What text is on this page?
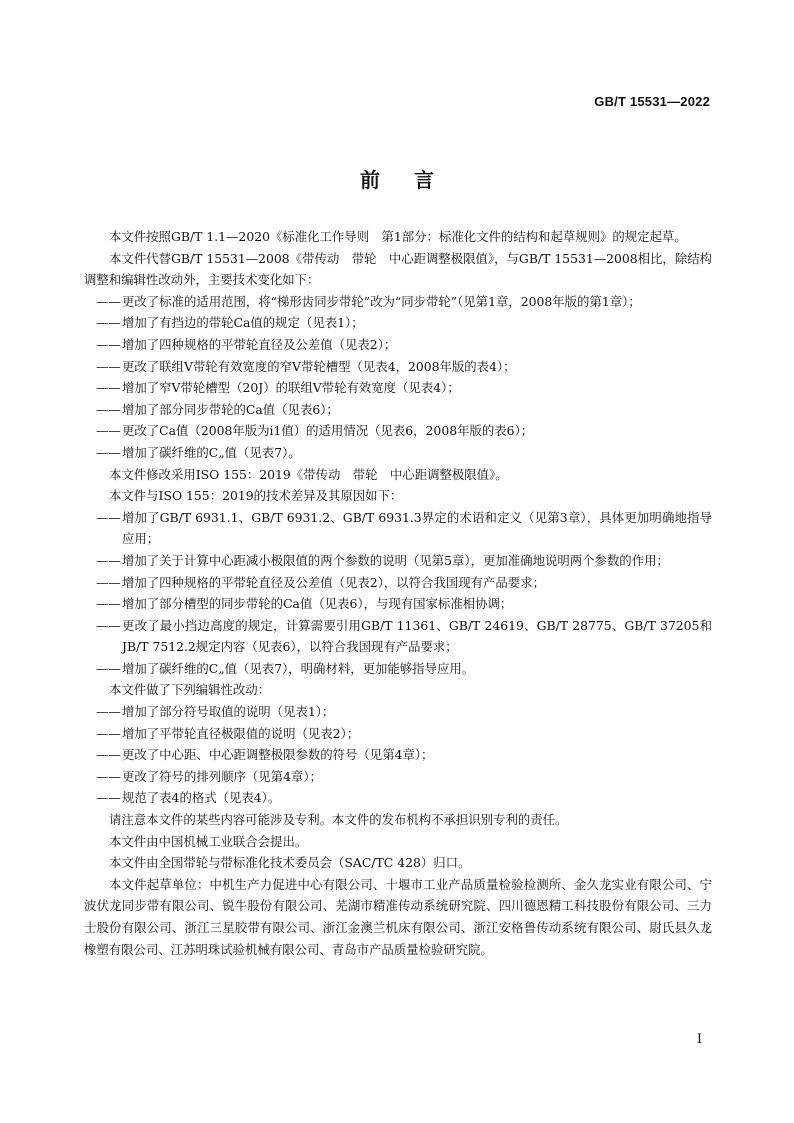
GB/T 15531—2022
前言
本文件按照GB/T 1.1—2020《标准化工作导则　第1部分：标准化文件的结构和起草规则》的规定起草。
本文件代替GB/T 15531—2008《带传动　带轮　中心距调整极限值》，与GB/T 15531—2008相比，除结构调整和编辑性改动外，主要技术变化如下：
—— 更改了标准的适用范围，将“梯形齿同步带轮”改为“同步带轮”（见第1章，2008年版的第1章）；
—— 增加了有挡边的带轮Ca值的规定（见表1）；
—— 增加了四种规格的平带轮直径及公差值（见表2）；
—— 更改了联组V带轮有效宽度的窄V带轮槽型（见表4，2008年版的表4）；
—— 增加了窄V带轮槽型（20J）的联组V带轮有效宽度（见表4）；
—— 增加了部分同步带轮的Ca值（见表6）；
—— 更改了Ca值（2008年版为i1值）的适用情况（见表6，2008年版的表6）；
—— 增加了碳纤维的C„值（见表7）。
本文件修改采用ISO 155：2019《带传动　带轮　中心距调整极限值》。
本文件与ISO 155：2019的技术差异及其原因如下：
—— 增加了GB/T 6931.1、GB/T 6931.2、GB/T 6931.3界定的术语和定义（见第3章），具体更加明确地指导应用；
—— 增加了关于计算中心距减小极限值的两个参数的说明（见第5章），更加准确地说明两个参数的作用；
—— 增加了四种规格的平带轮直径及公差值（见表2），以符合我国现有产品要求；
—— 增加了部分槽型的同步带轮的Ca值（见表6），与现有国家标准相协调；
—— 更改了最小挡边高度的规定，计算需要引用GB/T 11361、GB/T 24619、GB/T 28775、GB/T 37205和JB/T 7512.2规定内容（见表6），以符合我国现有产品要求；
—— 增加了碳纤维的C„值（见表7），明确材料，更加能够指导应用。
本文件做了下列编辑性改动：
—— 增加了部分符号取值的说明（见表1）；
—— 增加了平带轮直径极限值的说明（见表2）；
—— 更改了中心距、中心距调整极限参数的符号（见第4章）；
—— 更改了符号的排列顺序（见第4章）；
—— 规范了表4的格式（见表4）。
请注意本文件的某些内容可能涉及专利。本文件的发布机构不承担识别专利的责任。
本文件由中国机械工业联合会提出。
本文件由全国带轮与带标准化技术委员会（SAC/TC 428）归口。
本文件起草单位：中机生产力促进中心有限公司、十堰市工业产品质量检验检测所、金久龙实业有限公司、宁波伏龙同步带有限公司、锐牛股份有限公司、芜湖市精准传动系统研究院、四川德恩精工科技股份有限公司、三力士股份有限公司、浙江三星胶带有限公司、浙江金澳兰机床有限公司、浙江安格鲁传动系统有限公司、尉氏县久龙橡塑有限公司、江苏明珠试验机械有限公司、青岛市产品质量检验研究院。
I
